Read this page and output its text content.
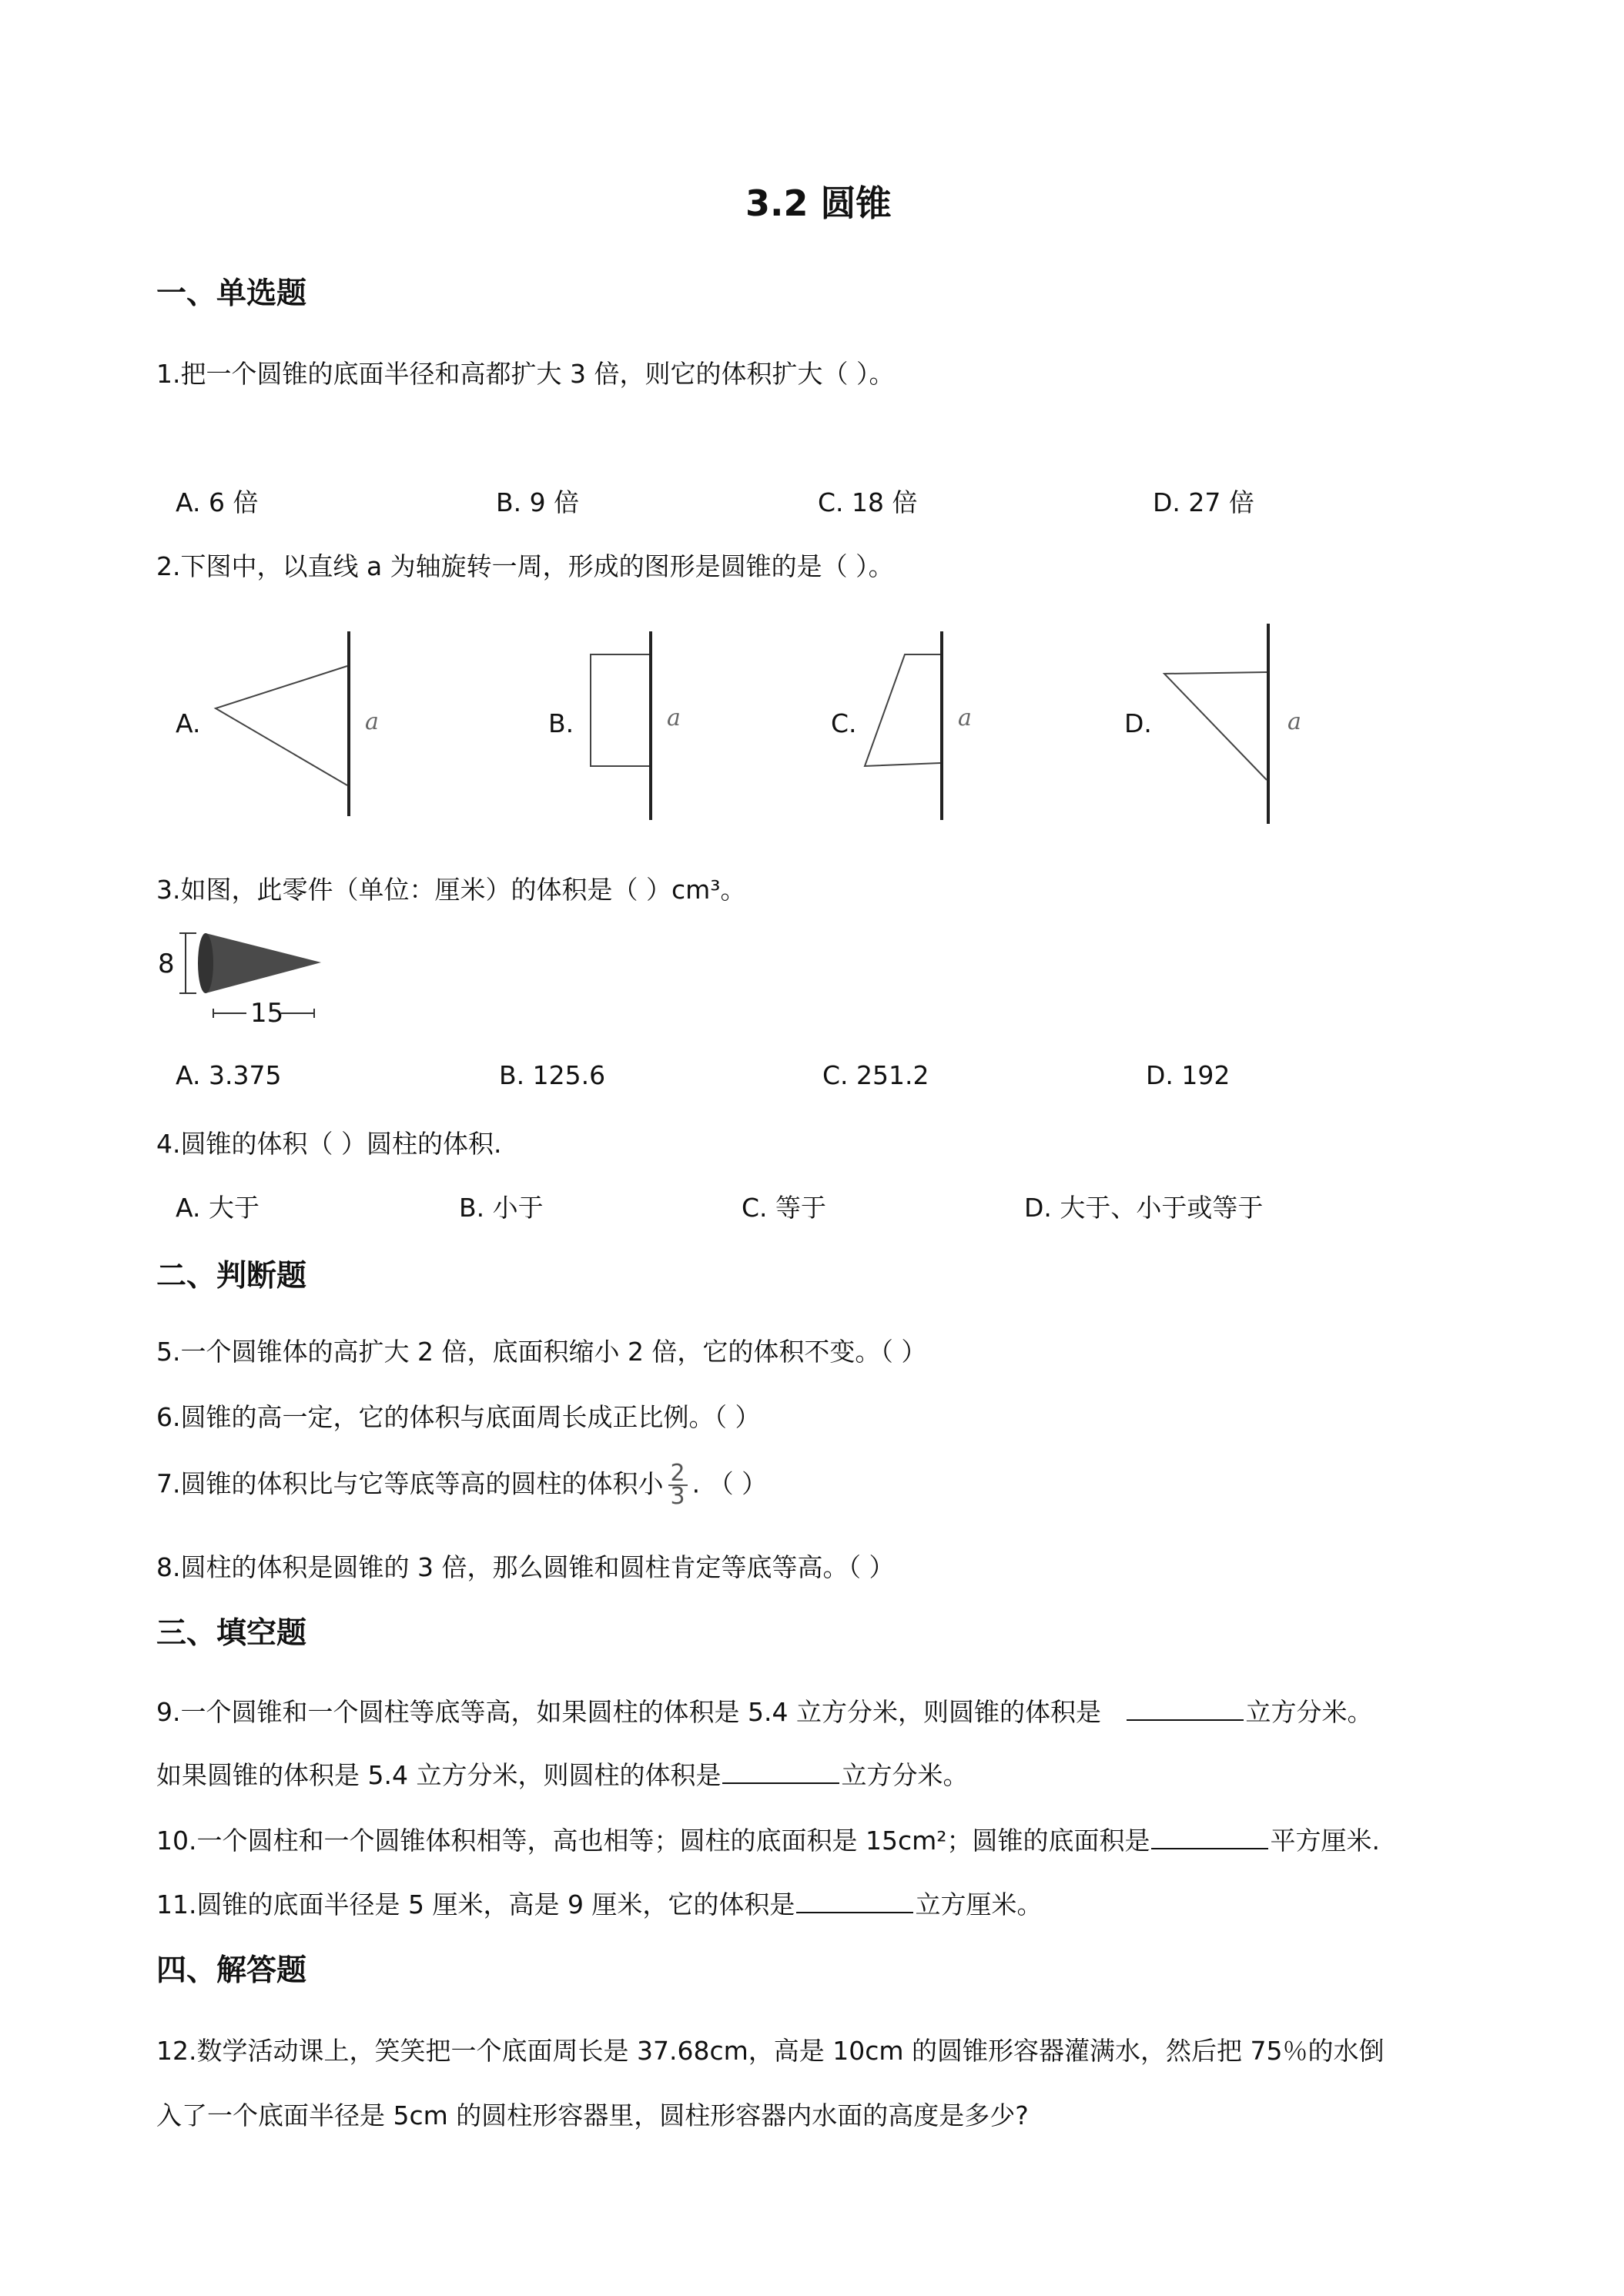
3.2 圆锥
一、单选题
1.把一个圆锥的底面半径和高都扩大 3 倍，则它的体积扩大（ ）。
A. 6 倍	B. 9 倍	C. 18 倍	D. 27 倍
2.下图中，以直线 a 为轴旋转一周，形成的图形是圆锥的是（ ）。
A.	a	B.	a	C.	a	D.	a
3.如图，此零件（单位：厘米）的体积是（ ）cm³。
8
15
A. 3.375	B. 125.6	C. 251.2	D. 192
4.圆锥的体积（ ）圆柱的体积.
A. 大于	B. 小于	C. 等于	D. 大于、小于或等于
二、判断题
5.一个圆锥体的高扩大 2 倍，底面积缩小 2 倍，它的体积不变。（ ）
6.圆锥的高一定，它的体积与底面周长成正比例。（ ）
7.圆锥的体积比与它等底等高的圆柱的体积小 $\frac{2}{3}$ . （ ）
8.圆柱的体积是圆锥的 3 倍，那么圆锥和圆柱肯定等底等高。（ ）
三、填空题
9.一个圆锥和一个圆柱等底等高，如果圆柱的体积是 5.4 立方分米，则圆锥的体积是	立方分米。
如果圆锥的体积是 5.4 立方分米，则圆柱的体积是	立方分米。
10.一个圆柱和一个圆锥体积相等，高也相等；圆柱的底面积是 15cm²；圆锥的底面积是	平方厘米.
11.圆锥的底面半径是 5 厘米，高是 9 厘米，它的体积是	立方厘米。
四、解答题
12.数学活动课上，笑笑把一个底面周长是 37.68cm，高是 10cm 的圆锥形容器灌满水，然后把 75％的水倒
入了一个底面半径是 5cm 的圆柱形容器里，圆柱形容器内水面的高度是多少?
